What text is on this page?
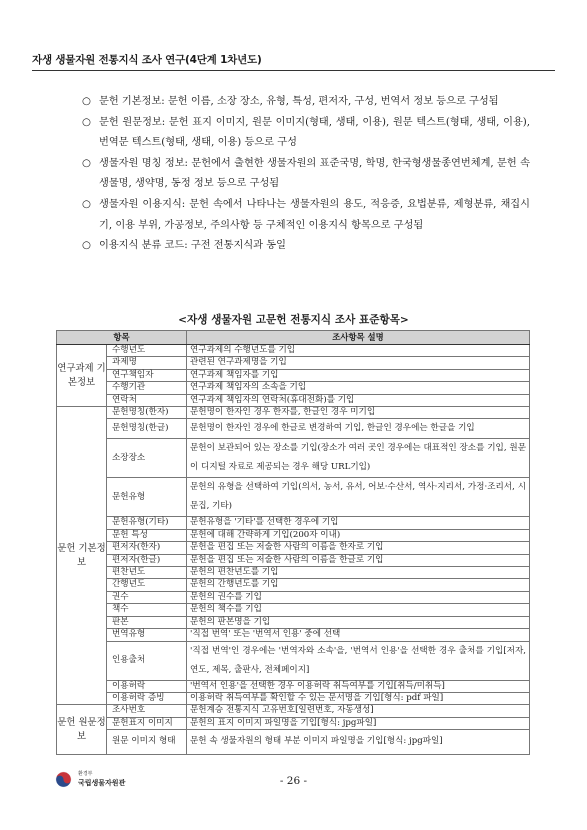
자생 생물자원 전통지식 조사 연구(4단계 1차년도)
○ 문헌 기본정보: 문헌 이름, 소장 장소, 유형, 특성, 편저자, 구성, 번역서 정보 등으로 구성됨
○ 문헌 원문정보: 문헌 표지 이미지, 원문 이미지(형태, 생태, 이용), 원문 텍스트(형태, 생태, 이용), 번역문 텍스트(형태, 생태, 이용) 등으로 구성
○ 생물자원 명칭 정보: 문헌에서 출현한 생물자원의 표준국명, 학명, 한국형생물종연번체계, 문헌 속 생물명, 생약명, 동정 정보 등으로 구성됨
○ 생물자원 이용지식: 문헌 속에서 나타나는 생물자원의 용도, 적응증, 요법분류, 제형분류, 채집시기, 이용 부위, 가공정보, 주의사항 등 구체적인 이용지식 항목으로 구성됨
○ 이용지식 분류 코드: 구전 전통지식과 동일
<자생 생물자원 고문헌 전통지식 조사 표준항목>
항목		조사항목 설명
연구과제 기본정보	수행년도	연구과제의 수행년도를 기입
	과제명	관련된 연구과제명을 기입
	연구책임자	연구과제 책임자를 기입
	수행기관	연구과제 책임자의 소속을 기입
	연락처	연구과제 책임자의 연락처(휴대전화)를 기입
문헌 기본정보	문헌명칭(한자)	문헌명이 한자인 경우 한자를, 한글인 경우 미기입
	문헌명칭(한글)	문헌명이 한자인 경우에 한글로 변경하여 기입, 한글인 경우에는 한글을 기입
	소장장소	문헌이 보관되어 있는 장소를 기입(장소가 여러 곳인 경우에는 대표적인 장소를 기입, 원문이 디지털 자료로 제공되는 경우 해당 URL기입)
	문헌유형	문헌의 유형을 선택하여 기입(의서, 농서, 유서, 어보·수산서, 역사·지리서, 가정·조리서, 시문집, 기타)
	문헌유형(기타)	문헌유형을 '기타'를 선택한 경우에 기입
	문헌 특성	문헌에 대해 간략하게 기입(200자 이내)
	편저자(한자)	문헌을 편집 또는 저술한 사람의 이름을 한자로 기입
	편저자(한글)	문헌을 편집 또는 저술한 사람의 이름을 한글로 기입
	편찬년도	문헌의 편찬년도를 기입
	간행년도	문헌의 간행년도를 기입
	권수	문헌의 권수를 기입
	책수	문헌의 책수를 기입
	판본	문헌의 판본명을 기입
	번역유형	'직접 번역' 또는 '번역서 인용' 중에 선택
	인용출처	'직접 번역'인 경우에는 '번역자와 소속'을, '번역서 인용'을 선택한 경우 출처를 기입[저자, 연도, 제목, 출판사, 전체페이지]
	이용허락	'번역서 인용'을 선택한 경우 이용허락 취득여부를 기입[취득/미취득]
	이용허락 증빙	이용허락 취득여부를 확인할 수 있는 문서명을 기입[형식: pdf 파일]
문헌 원문정보	조사번호	문헌계승 전통지식 고유번호[일련번호, 자동생성]
	문헌표지 이미지	문헌의 표지 이미지 파일명을 기입[형식: jpg파일]
	원문 이미지 형태	문헌 속 생물자원의 형태 부분 이미지 파일명을 기입[형식: jpg파일]
환경부
국립생물자원관	- 26 -
